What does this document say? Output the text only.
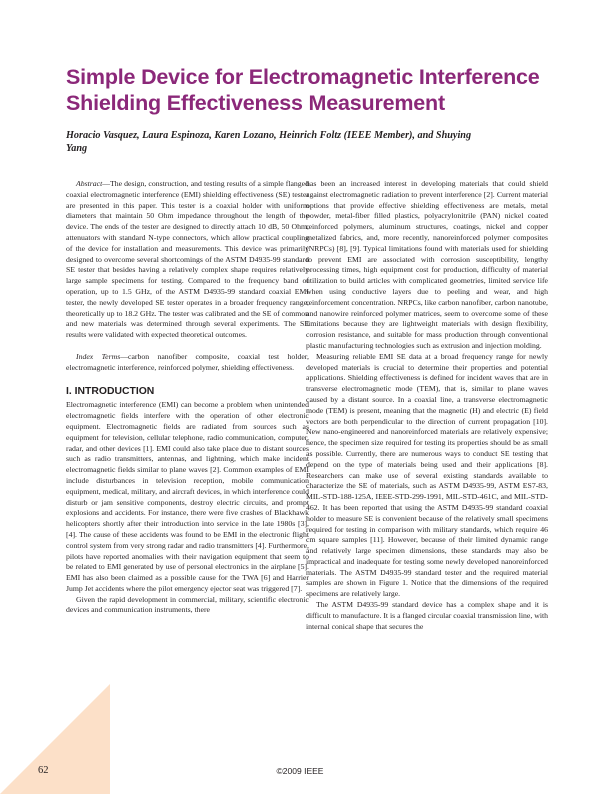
Simple Device for Electromagnetic Interference Shielding Effectiveness Measurement
Horacio Vasquez, Laura Espinoza, Karen Lozano, Heinrich Foltz (IEEE Member), and Shuying Yang

Abstract—The design, construction, and testing results of a simple flanged coaxial electromagnetic interference (EMI) shielding effectiveness (SE) tester are presented in this paper. This tester is a coaxial holder with uniform diameters that maintain 50 Ohm impedance throughout the length of the device. The ends of the tester are designed to directly attach 10 dB, 50 Ohm, attenuators with standard N-type connectors, which allow practical coupling of the device for installation and measurements. This device was primarily designed to overcome several shortcomings of the ASTM D4935-99 standard SE tester that besides having a relatively complex shape requires relatively large sample specimens for testing. Compared to the frequency band of operation, up to 1.5 GHz, of the ASTM D4935-99 standard coaxial EMI tester, the newly developed SE tester operates in a broader frequency range, theoretically up to 18.2 GHz. The tester was calibrated and the SE of common and new materials was determined through several experiments. The SE results were validated with expected theoretical outcomes.

Index Terms—carbon nanofiber composite, coaxial test holder, electromagnetic interference, reinforced polymer, shielding effectiveness.

I. INTRODUCTION

Electromagnetic interference (EMI) can become a problem when unintended electromagnetic fields interfere with the operation of other electronic equipment. Electromagnetic fields are radiated from sources such as equipment for television, cellular telephone, radio communication, computer, radar, and other devices [1]. EMI could also take place due to distant sources such as radio transmitters, antennas, and lightning, which make incident electromagnetic fields similar to plane waves [2]. Common examples of EMI include disturbances in television reception, mobile communication equipment, medical, military, and aircraft devices, in which interference could disturb or jam sensitive components, destroy electric circuits, and prompt explosions and accidents. For instance, there were five crashes of Blackhawk helicopters shortly after their introduction into service in the late 1980s [3], [4]. The cause of these accidents was found to be EMI in the electronic flight control system from very strong radar and radio transmitters [4]. Furthermore, pilots have reported anomalies with their navigation equipment that seem to be related to EMI generated by use of personal electronics in the airplane [5]. EMI has also been claimed as a possible cause for the TWA [6] and Harrier Jump Jet accidents where the pilot emergency ejector seat was triggered [7].

Given the rapid development in commercial, military, scientific electronic devices and communication instruments, there

has been an increased interest in developing materials that could shield against electromagnetic radiation to prevent interference [2]. Current material options that provide effective shielding effectiveness are metals, metal powder, metal-fiber filled plastics, polyacrylonitrile (PAN) nickel coated reinforced polymers, aluminum structures, coatings, nickel and copper metalized fabrics, and, more recently, nanoreinforced polymer composites (NRPCs) [8], [9]. Typical limitations found with materials used for shielding to prevent EMI are associated with corrosion susceptibility, lengthy processing times, high equipment cost for production, difficulty of material utilization to build articles with complicated geometries, limited service life when using conductive layers due to peeling and wear, and high reinforcement concentration. NRPCs, like carbon nanofiber, carbon nanotube, and nanowire reinforced polymer matrices, seem to overcome some of these limitations because they are lightweight materials with design flexibility, corrosion resistance, and suitable for mass production through conventional plastic manufacturing technologies such as extrusion and injection molding.

Measuring reliable EMI SE data at a broad frequency range for newly developed materials is crucial to determine their properties and potential applications. Shielding effectiveness is defined for incident waves that are in transverse electromagnetic mode (TEM), that is, similar to plane waves caused by a distant source. In a coaxial line, a transverse electromagnetic mode (TEM) is present, meaning that the magnetic (H) and electric (E) field vectors are both perpendicular to the direction of current propagation [10]. New nano-engineered and nanoreinforced materials are relatively expensive; hence, the specimen size required for testing its properties should be as small as possible. Currently, there are numerous ways to conduct SE testing that depend on the type of materials being used and their applications [8]. Researchers can make use of several existing standards available to characterize the SE of materials, such as ASTM D4935-99, ASTM ES7-83, MIL-STD-188-125A, IEEE-STD-299-1991, MIL-STD-461C, and MIL-STD-462. It has been reported that using the ASTM D4935-99 standard coaxial holder to measure SE is convenient because of the relatively small specimens required for testing in comparison with military standards, which require 46 cm square samples [11]. However, because of their limited dynamic range and relatively large specimen dimensions, these standards may also be impractical and inadequate for testing some newly developed nanoreinforced materials. The ASTM D4935-99 standard tester and the required material samples are shown in Figure 1. Notice that the dimensions of the required specimens are relatively large.

The ASTM D4935-99 standard device has a complex shape and it is difficult to manufacture. It is a flanged circular coaxial transmission line, with internal conical shape that secures the

62	©2009 IEEE
